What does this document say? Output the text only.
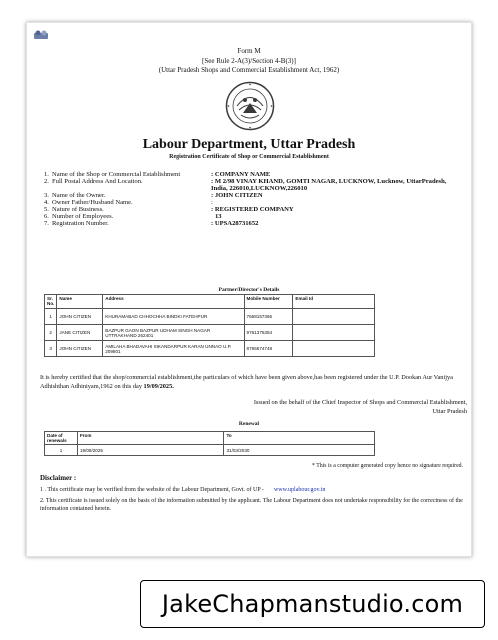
Form M
[See Rule 2-A(3)/Section 4-B(3)]
(Uttar Pradesh Shops and Commercial Establishment Act, 1962)
Labour Department, Uttar Pradesh
Registration Certificate of Shop or Commercial Establishment
1. Name of the Shop or Commercial Establishment	: COMPANY NAME
2. Full Postal Address And Location.	: M 2/98 VINAY KHAND, GOMTI NAGAR, LUCKNOW, Lucknow, UttarPradesh, India, 226010,LUCKNOW,226010
3. Name of the Owner.	: JOHN CITIZEN
4. Owner Father/Husband Name.	:
5. Nature of Business.	: REGISTERED COMPANY
6. Number of Employees.	13
7. Registration Number.	: UPSA28731652
Partner/Director's Details
Sr. No.	Name	Address	Mobile Number	Email Id
1	JOHN CITIZEN	KHURAMABAD CHHOCHHA BINDKI FATEHPUR	7668157366	
2	JANE CITIZEN	BAZPUR GAON BAZPUR UDHAM SINGH NAGAR UTTRAKHAND 262401	9761375354	
3	JOHN CITIZEN	AMILAHA BHADAVAHI SIKANDARPUR KARAN UNNAO U.P. 209801	8765674748	
It is hereby certified that the shop/commercial establishment,the particulars of which have been given above,has been registered under the U.P. Dookan Aur Vanijya Adhishthan Adhiniyam,1962 on this day 19/09/2025.
Issued on the behalf of the Chief Inspector of Shops and Commercial Establishment,
Uttar Pradesh
Renewal
Date of renewals	From	To
1	19/09/2025	31/03/2030
* This is a computer generated copy hence no signature required.
Disclaimer :
1 . This certificate may be verified from the website of the Labour Department, Govt. of UP - www.uplabour.gov.in
2. This certificate is issued solely on the basis of the information submitted by the applicant. The Labour Department does not undertake responsibility for the correctness of the information contained herein.
JakeChapmanstudio.com
